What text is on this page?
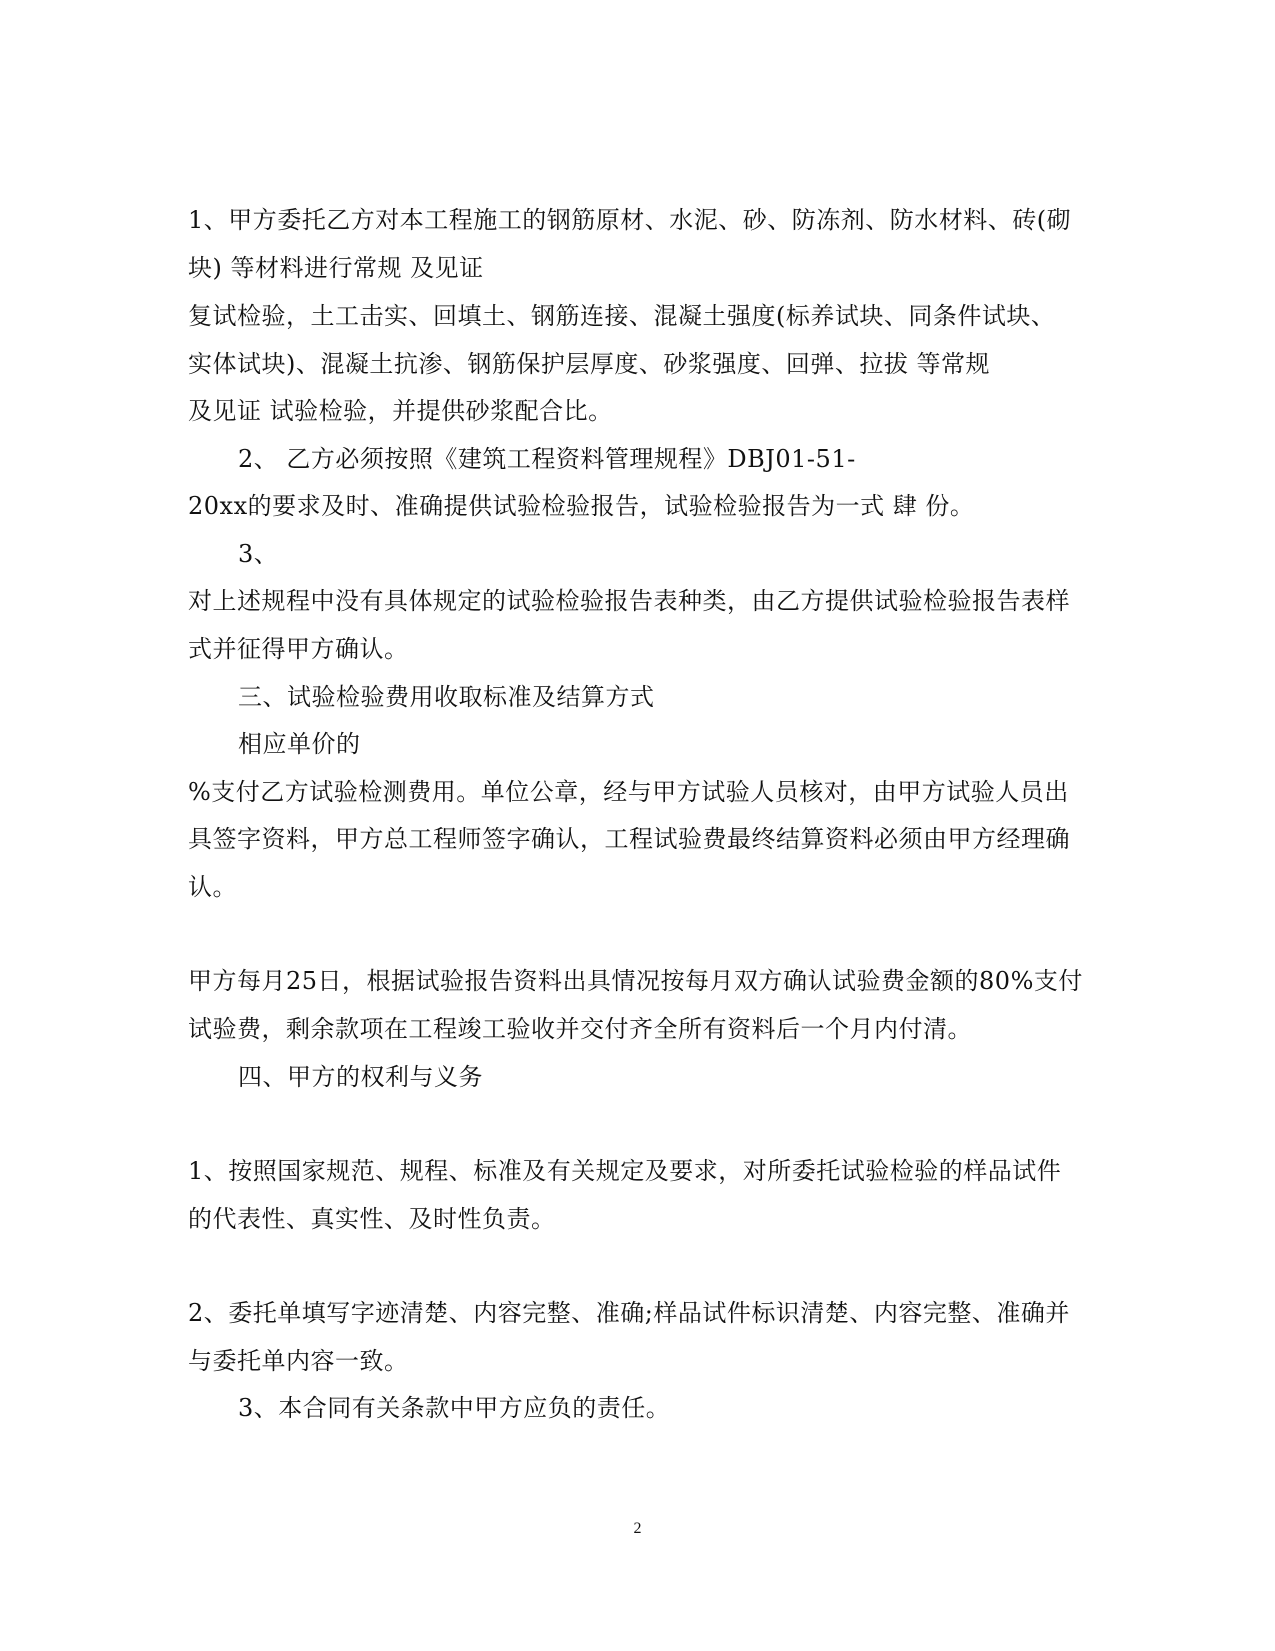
1、甲方委托乙方对本工程施工的钢筋原材、水泥、砂、防冻剂、防水材料、砖(砌
块) 等材料进行常规 及见证
复试检验，土工击实、回填土、钢筋连接、混凝土强度(标养试块、同条件试块、
实体试块)、混凝土抗渗、钢筋保护层厚度、砂浆强度、回弹、拉拔 等常规
及见证 试验检验，并提供砂浆配合比。
2、 乙方必须按照《建筑工程资料管理规程》DBJ01-51-
20xx的要求及时、准确提供试验检验报告，试验检验报告为一式 肆 份。
3、
对上述规程中没有具体规定的试验检验报告表种类，由乙方提供试验检验报告表样
式并征得甲方确认。
三、试验检验费用收取标准及结算方式
相应单价的
%支付乙方试验检测费用。单位公章，经与甲方试验人员核对，由甲方试验人员出
具签字资料，甲方总工程师签字确认，工程试验费最终结算资料必须由甲方经理确
认。
甲方每月25日，根据试验报告资料出具情况按每月双方确认试验费金额的80%支付
试验费，剩余款项在工程竣工验收并交付齐全所有资料后一个月内付清。
四、甲方的权利与义务
1、按照国家规范、规程、标准及有关规定及要求，对所委托试验检验的样品试件
的代表性、真实性、及时性负责。
2、委托单填写字迹清楚、内容完整、准确;样品试件标识清楚、内容完整、准确并
与委托单内容一致。
3、本合同有关条款中甲方应负的责任。
2
